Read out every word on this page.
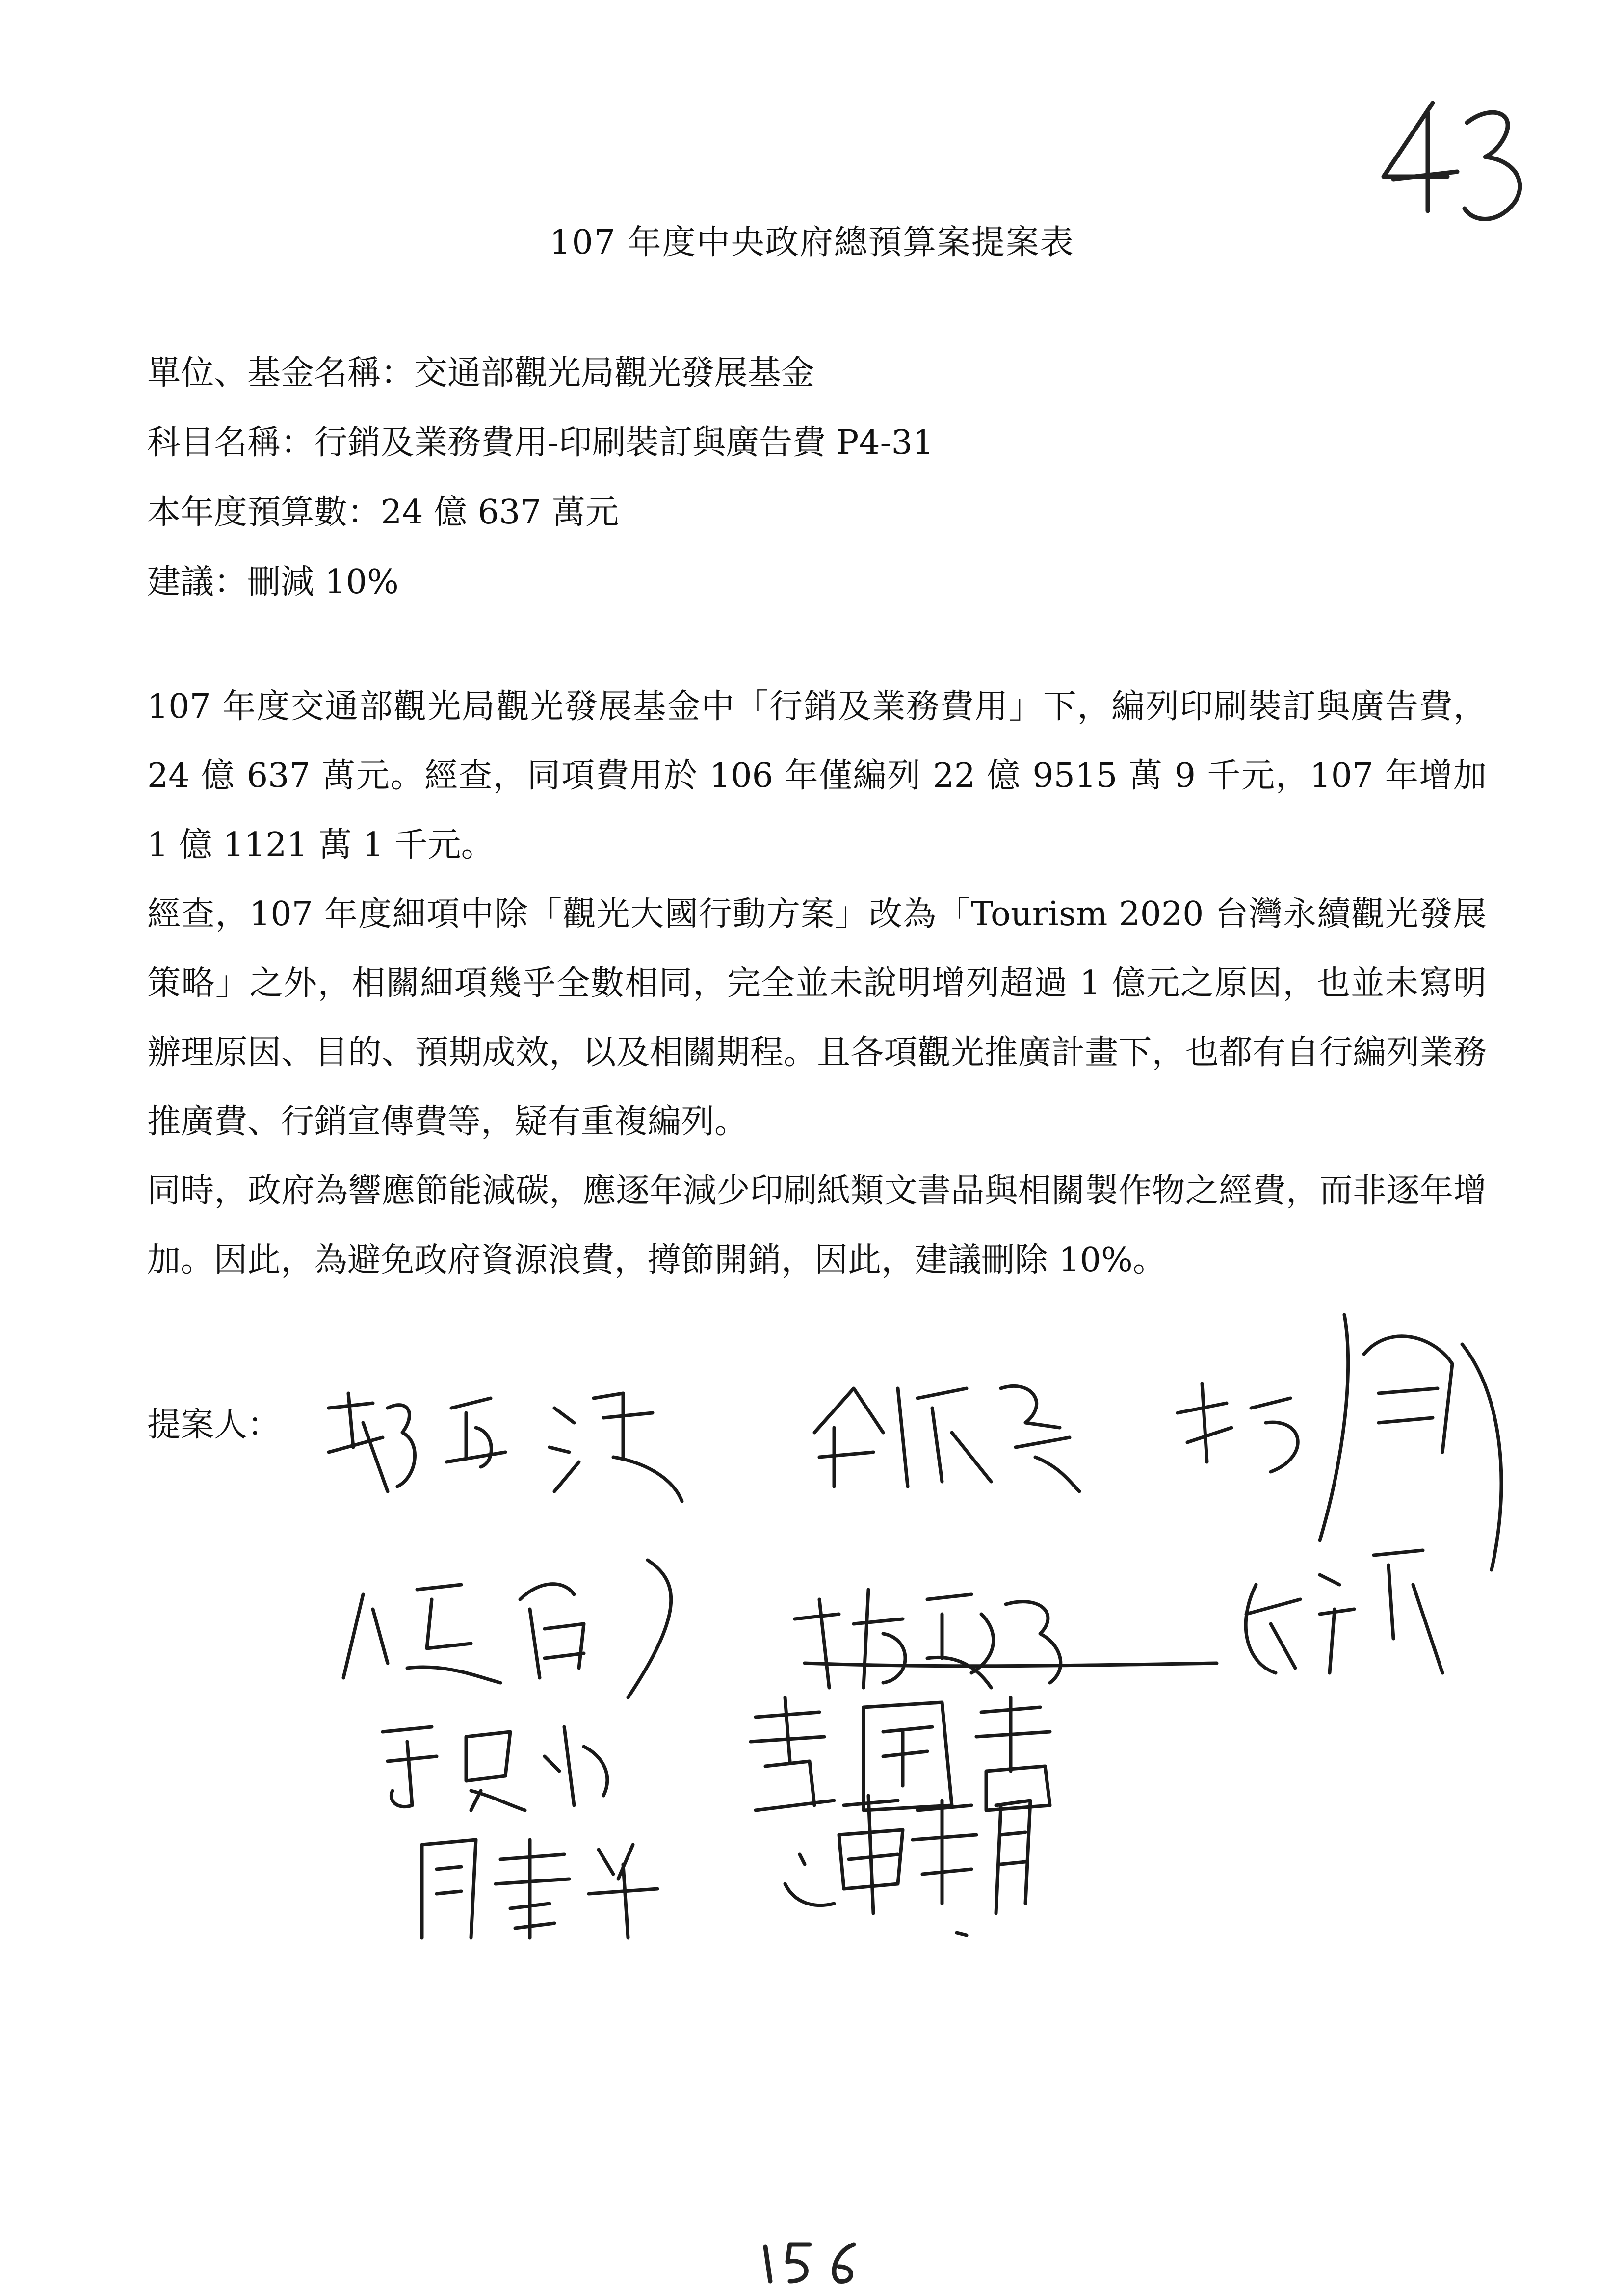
107 年度中央政府總預算案提案表
單位、基金名稱：交通部觀光局觀光發展基金
科目名稱：行銷及業務費用-印刷裝訂與廣告費 P4-31
本年度預算數：24 億 637 萬元
建議：刪減 10%

107 年度交通部觀光局觀光發展基金中「行銷及業務費用」下，編列印刷裝訂與廣告費，24 億 637 萬元。經查，同項費用於 106 年僅編列 22 億 9515 萬 9 千元，107 年增加 1 億 1121 萬 1 千元。

經查，107 年度細項中除「觀光大國行動方案」改為「Tourism 2020 台灣永續觀光發展策略」之外，相關細項幾乎全數相同，完全並未說明增列超過 1 億元之原因，也並未寫明辦理原因、目的、預期成效，以及相關期程。且各項觀光推廣計畫下，也都有自行編列業務推廣費、行銷宣傳費等，疑有重複編列。

同時，政府為響應節能減碳，應逐年減少印刷紙類文書品與相關製作物之經費，而非逐年增加。因此，為避免政府資源浪費，撙節開銷，因此，建議刪除 10%。

提案人：
